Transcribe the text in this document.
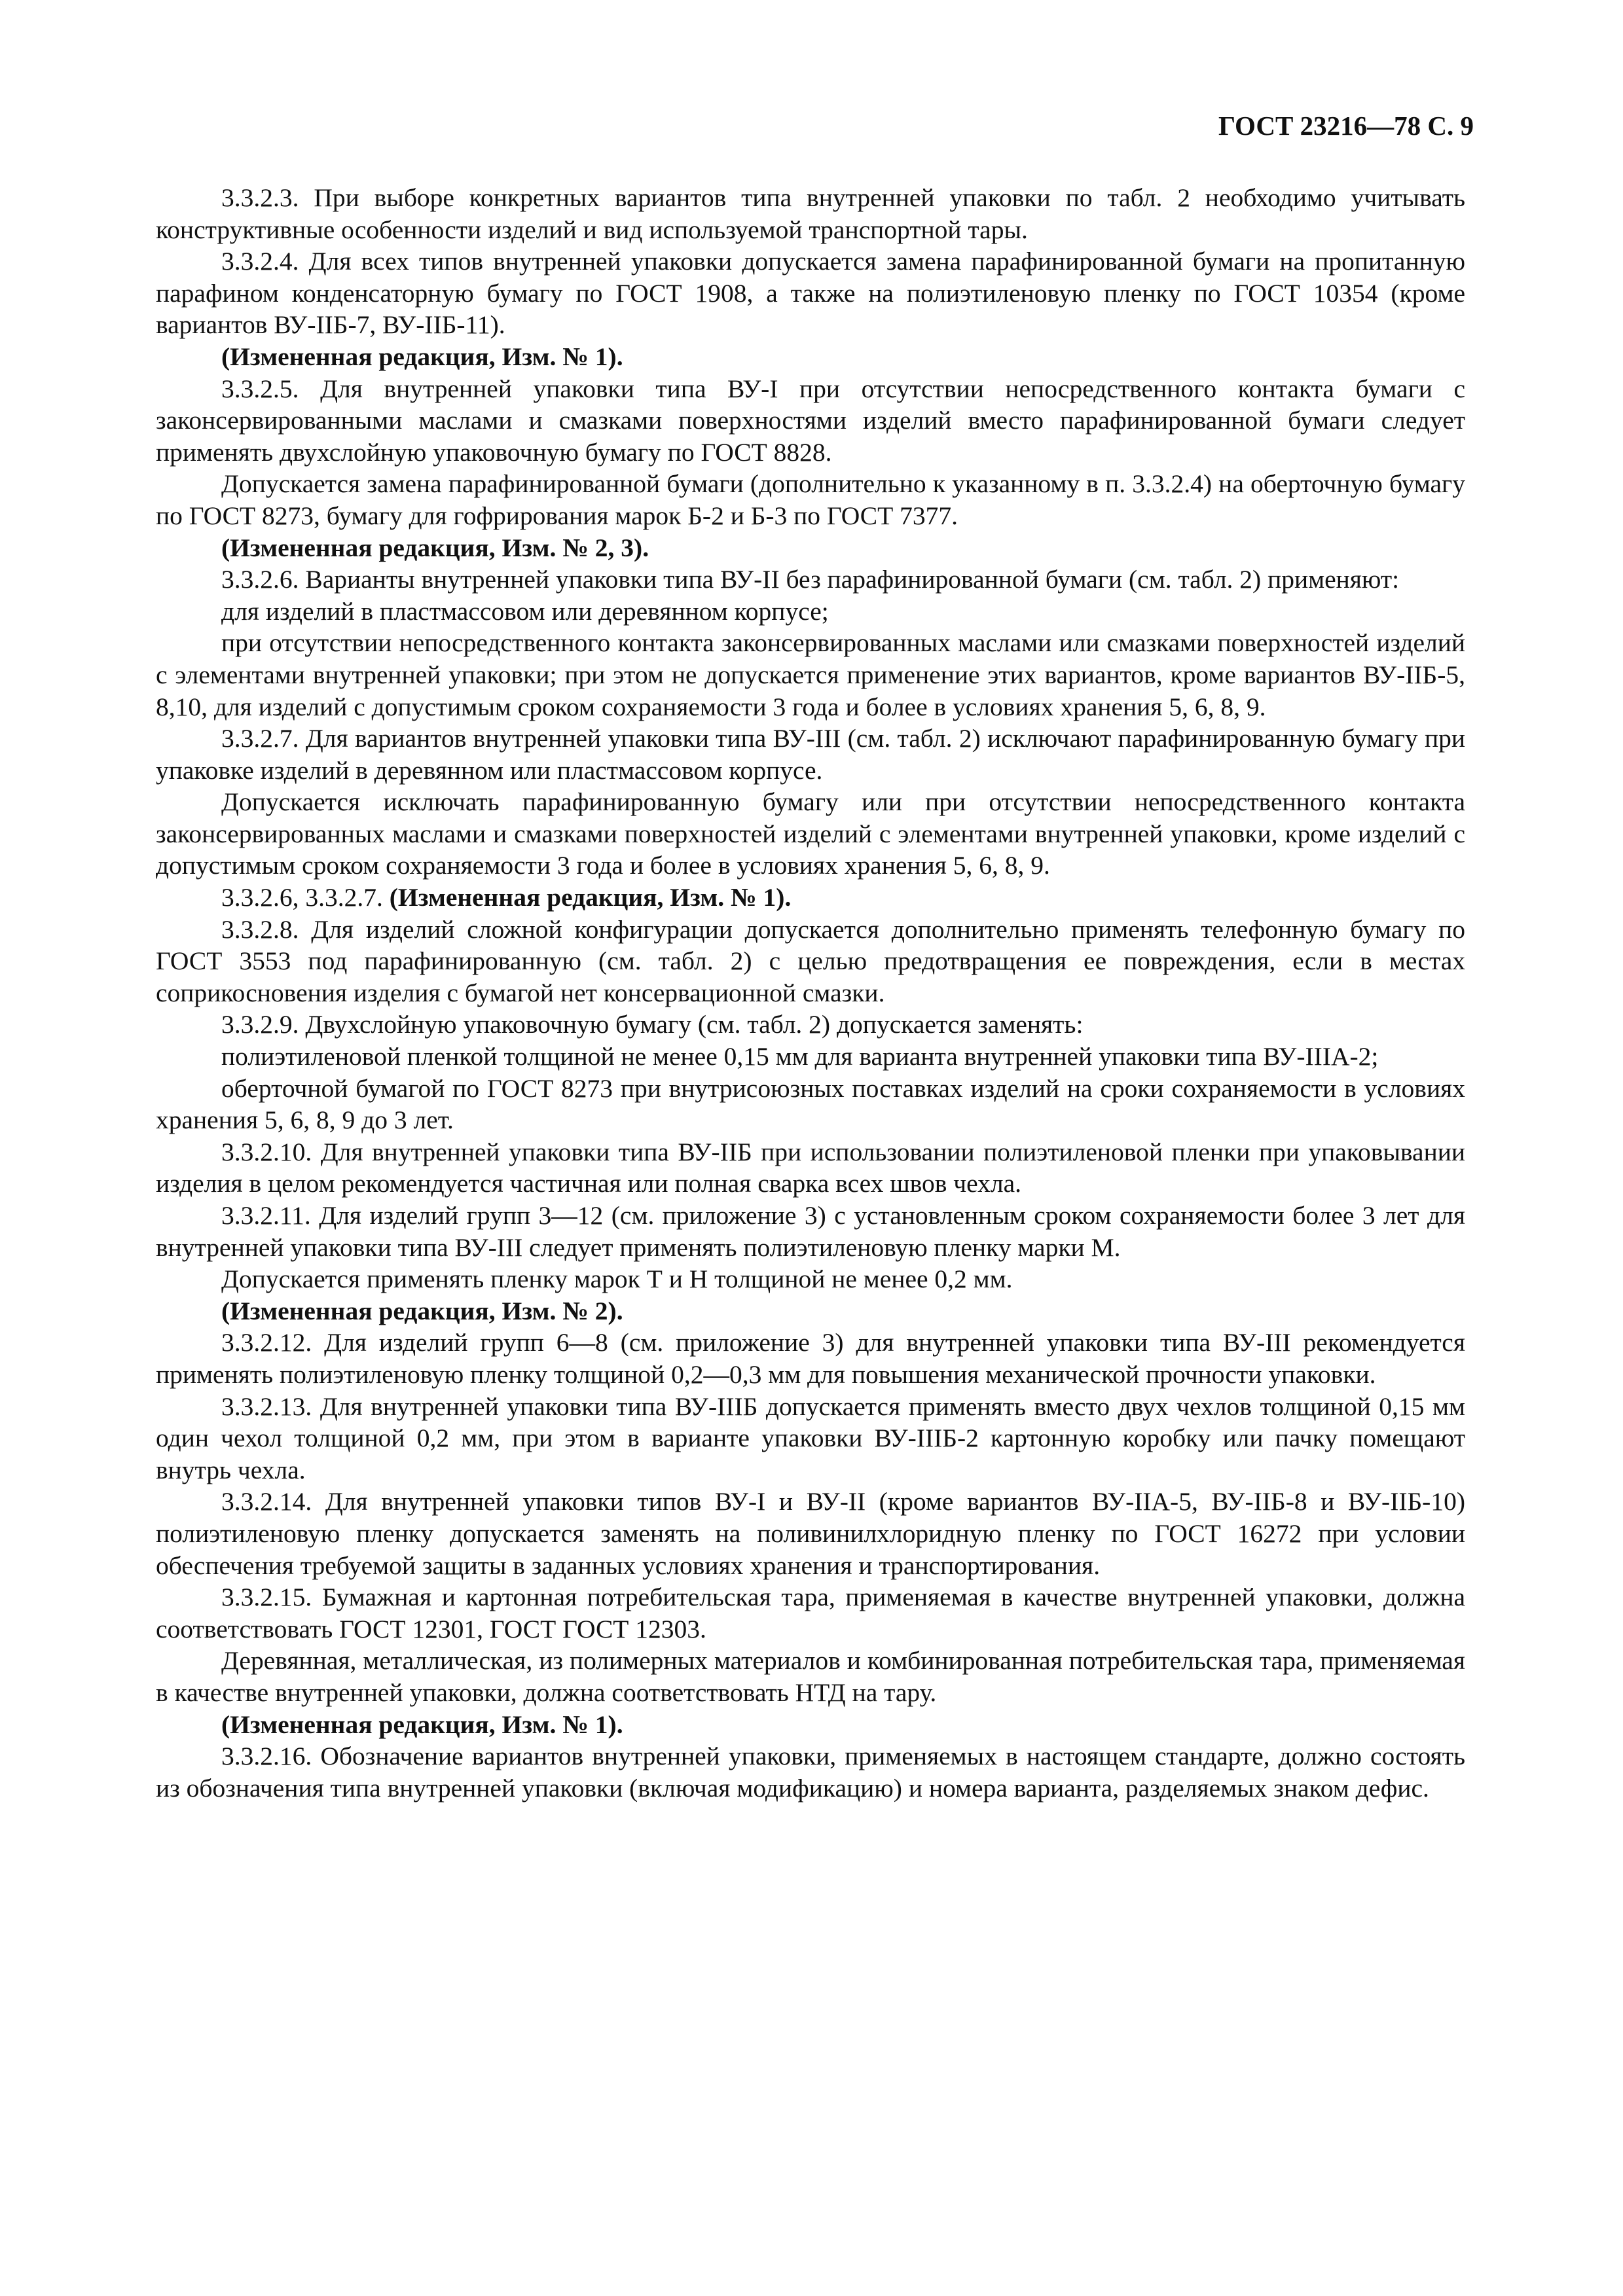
ГОСТ 23216—78 С. 9

3.3.2.3. При выборе конкретных вариантов типа внутренней упаковки по табл. 2 необходимо учитывать конструктивные особенности изделий и вид используемой транспортной тары.

3.3.2.4. Для всех типов внутренней упаковки допускается замена парафинированной бумаги на пропитанную парафином конденсаторную бумагу по ГОСТ 1908, а также на полиэтиленовую пленку по ГОСТ 10354 (кроме вариантов ВУ-IIБ-7, ВУ-IIБ-11).

(Измененная редакция, Изм. № 1).

3.3.2.5. Для внутренней упаковки типа ВУ-I при отсутствии непосредственного контакта бумаги с законсервированными маслами и смазками поверхностями изделий вместо парафинированной бумаги следует применять двухслойную упаковочную бумагу по ГОСТ 8828.

Допускается замена парафинированной бумаги (дополнительно к указанному в п. 3.3.2.4) на оберточную бумагу по ГОСТ 8273, бумагу для гофрирования марок Б-2 и Б-3 по ГОСТ 7377.

(Измененная редакция, Изм. № 2, 3).

3.3.2.6. Варианты внутренней упаковки типа ВУ-II без парафинированной бумаги (см. табл. 2) применяют:

для изделий в пластмассовом или деревянном корпусе;

при отсутствии непосредственного контакта законсервированных маслами или смазками поверхностей изделий с элементами внутренней упаковки; при этом не допускается применение этих вариантов, кроме вариантов ВУ-IIБ-5, 8,10, для изделий с допустимым сроком сохраняемости 3 года и более в условиях хранения 5, 6, 8, 9.

3.3.2.7. Для вариантов внутренней упаковки типа ВУ-III (см. табл. 2) исключают парафинированную бумагу при упаковке изделий в деревянном или пластмассовом корпусе.

Допускается исключать парафинированную бумагу или при отсутствии непосредственного контакта законсервированных маслами и смазками поверхностей изделий с элементами внутренней упаковки, кроме изделий с допустимым сроком сохраняемости 3 года и более в условиях хранения 5, 6, 8, 9.

3.3.2.6, 3.3.2.7. (Измененная редакция, Изм. № 1).

3.3.2.8. Для изделий сложной конфигурации допускается дополнительно применять телефонную бумагу по ГОСТ 3553 под парафинированную (см. табл. 2) с целью предотвращения ее повреждения, если в местах соприкосновения изделия с бумагой нет консервационной смазки.

3.3.2.9. Двухслойную упаковочную бумагу (см. табл. 2) допускается заменять:

полиэтиленовой пленкой толщиной не менее 0,15 мм для варианта внутренней упаковки типа ВУ-IIIА-2;

оберточной бумагой по ГОСТ 8273 при внутрисоюзных поставках изделий на сроки сохраняемости в условиях хранения 5, 6, 8, 9 до 3 лет.

3.3.2.10. Для внутренней упаковки типа ВУ-IIБ при использовании полиэтиленовой пленки при упаковывании изделия в целом рекомендуется частичная или полная сварка всех швов чехла.

3.3.2.11. Для изделий групп 3—12 (см. приложение 3) с установленным сроком сохраняемости более 3 лет для внутренней упаковки типа ВУ-III следует применять полиэтиленовую пленку марки М.

Допускается применять пленку марок Т и Н толщиной не менее 0,2 мм.

(Измененная редакция, Изм. № 2).

3.3.2.12. Для изделий групп 6—8 (см. приложение 3) для внутренней упаковки типа ВУ-III рекомендуется применять полиэтиленовую пленку толщиной 0,2—0,3 мм для повышения механической прочности упаковки.

3.3.2.13. Для внутренней упаковки типа ВУ-IIIБ допускается применять вместо двух чехлов толщиной 0,15 мм один чехол толщиной 0,2 мм, при этом в варианте упаковки ВУ-IIIБ-2 картонную коробку или пачку помещают внутрь чехла.

3.3.2.14. Для внутренней упаковки типов ВУ-I и ВУ-II (кроме вариантов ВУ-IIА-5, ВУ-IIБ-8 и ВУ-IIБ-10) полиэтиленовую пленку допускается заменять на поливинилхлоридную пленку по ГОСТ 16272 при условии обеспечения требуемой защиты в заданных условиях хранения и транспортирования.

3.3.2.15. Бумажная и картонная потребительская тара, применяемая в качестве внутренней упаковки, должна соответствовать ГОСТ 12301, ГОСТ ГОСТ 12303.

Деревянная, металлическая, из полимерных материалов и комбинированная потребительская тара, применяемая в качестве внутренней упаковки, должна соответствовать НТД на тару.

(Измененная редакция, Изм. № 1).

3.3.2.16. Обозначение вариантов внутренней упаковки, применяемых в настоящем стандарте, должно состоять из обозначения типа внутренней упаковки (включая модификацию) и номера варианта, разделяемых знаком дефис.
